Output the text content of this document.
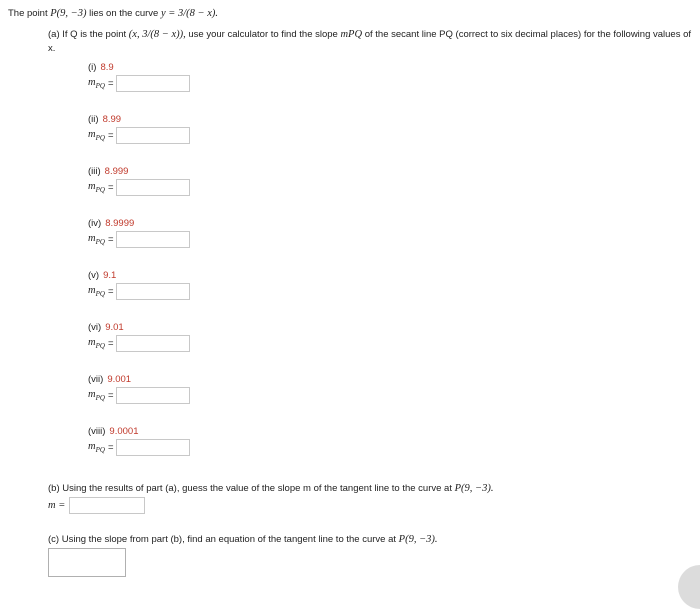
The point P(9, −3) lies on the curve y = 3/(8 − x).
(a) If Q is the point (x, 3/(8 − x)), use your calculator to find the slope mPQ of the secant line PQ (correct to six decimal places) for the following values of x.
(i) 8.9
$m_{PQ}$ =
(ii) 8.99
$m_{PQ}$ =
(iii) 8.999
$m_{PQ}$ =
(iv) 8.9999
$m_{PQ}$ =
(v) 9.1
$m_{PQ}$ =
(vi) 9.01
$m_{PQ}$ =
(vii) 9.001
$m_{PQ}$ =
(viii) 9.0001
$m_{PQ}$ =
(b) Using the results of part (a), guess the value of the slope m of the tangent line to the curve at P(9, −3).
m =
(c) Using the slope from part (b), find an equation of the tangent line to the curve at P(9, −3).
